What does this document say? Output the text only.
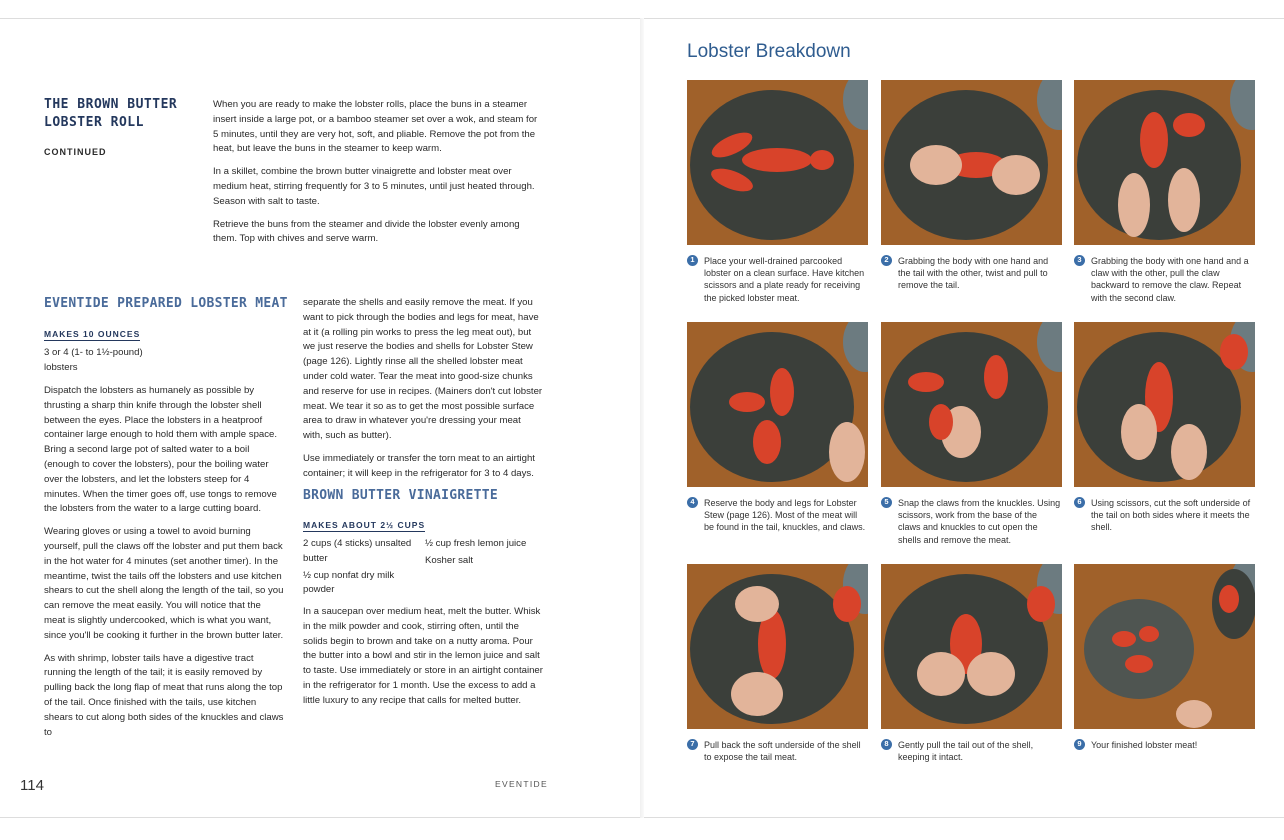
THE BROWN BUTTER
LOBSTER ROLL
CONTINUED

When you are ready to make the lobster rolls, place the buns in a steamer insert inside a large pot, or a bamboo steamer set over a wok, and steam for 5 minutes, until they are very hot, soft, and pliable. Remove the pot from the heat, but leave the buns in the steamer to keep warm.

In a skillet, combine the brown butter vinaigrette and lobster meat over medium heat, stirring frequently for 3 to 5 minutes, until just heated through. Season with salt to taste.

Retrieve the buns from the steamer and divide the lobster evenly among them. Top with chives and serve warm.

EVENTIDE PREPARED LOBSTER MEAT
MAKES 10 OUNCES
3 or 4 (1- to 1½-pound) lobsters

Dispatch the lobsters as humanely as possible by thrusting a sharp thin knife through the lobster shell between the eyes. Place the lobsters in a heatproof container large enough to hold them with ample space. Bring a second large pot of salted water to a boil (enough to cover the lobsters), pour the boiling water over the lobsters, and let the lobsters steep for 4 minutes. When the timer goes off, use tongs to remove the lobsters from the water to a large cutting board.

Wearing gloves or using a towel to avoid burning yourself, pull the claws off the lobster and put them back in the hot water for 4 minutes (set another timer). In the meantime, twist the tails off the lobsters and use kitchen shears to cut the shell along the length of the tail, so you can remove the meat easily. You will notice that the meat is slightly undercooked, which is what you want, since you'll be cooking it further in the brown butter later.

As with shrimp, lobster tails have a digestive tract running the length of the tail; it is easily removed by pulling back the long flap of meat that runs along the top of the tail. Once finished with the tails, use kitchen shears to cut along both sides of the knuckles and claws to

separate the shells and easily remove the meat. If you want to pick through the bodies and legs for meat, have at it (a rolling pin works to press the leg meat out), but we just reserve the bodies and shells for Lobster Stew (page 126). Lightly rinse all the shelled lobster meat under cold water. Tear the meat into good-size chunks and reserve for use in recipes. (Mainers don't cut lobster meat. We tear it so as to get the most possible surface area to draw in whatever you're dressing your meat with, such as butter).

Use immediately or transfer the torn meat to an airtight container; it will keep in the refrigerator for 3 to 4 days.

BROWN BUTTER VINAIGRETTE
MAKES ABOUT 2½ CUPS

2 cups (4 sticks) unsalted butter

½ cup nonfat dry milk powder

½ cup fresh lemon juice

Kosher salt

In a saucepan over medium heat, melt the butter. Whisk in the milk powder and cook, stirring often, until the solids begin to brown and take on a nutty aroma. Pour the butter into a bowl and stir in the lemon juice and salt to taste. Use immediately or store in an airtight container in the refrigerator for 1 month. Use the excess to add a little luxury to any recipe that calls for melted butter.
114	EVENTIDE
Lobster Breakdown
1 Place your well-drained parcooked lobster on a clean surface. Have kitchen scissors and a plate ready for receiving the picked lobster meat.
2 Grabbing the body with one hand and the tail with the other, twist and pull to remove the tail.
3 Grabbing the body with one hand and a claw with the other, pull the claw backward to remove the claw. Repeat with the second claw.
4 Reserve the body and legs for Lobster Stew (page 126). Most of the meat will be found in the tail, knuckles, and claws.
5 Snap the claws from the knuckles. Using scissors, work from the base of the claws and knuckles to cut open the shells and remove the meat.
6 Using scissors, cut the soft underside of the tail on both sides where it meets the shell.
7 Pull back the soft underside of the shell to expose the tail meat.
8 Gently pull the tail out of the shell, keeping it intact.
9 Your finished lobster meat!
